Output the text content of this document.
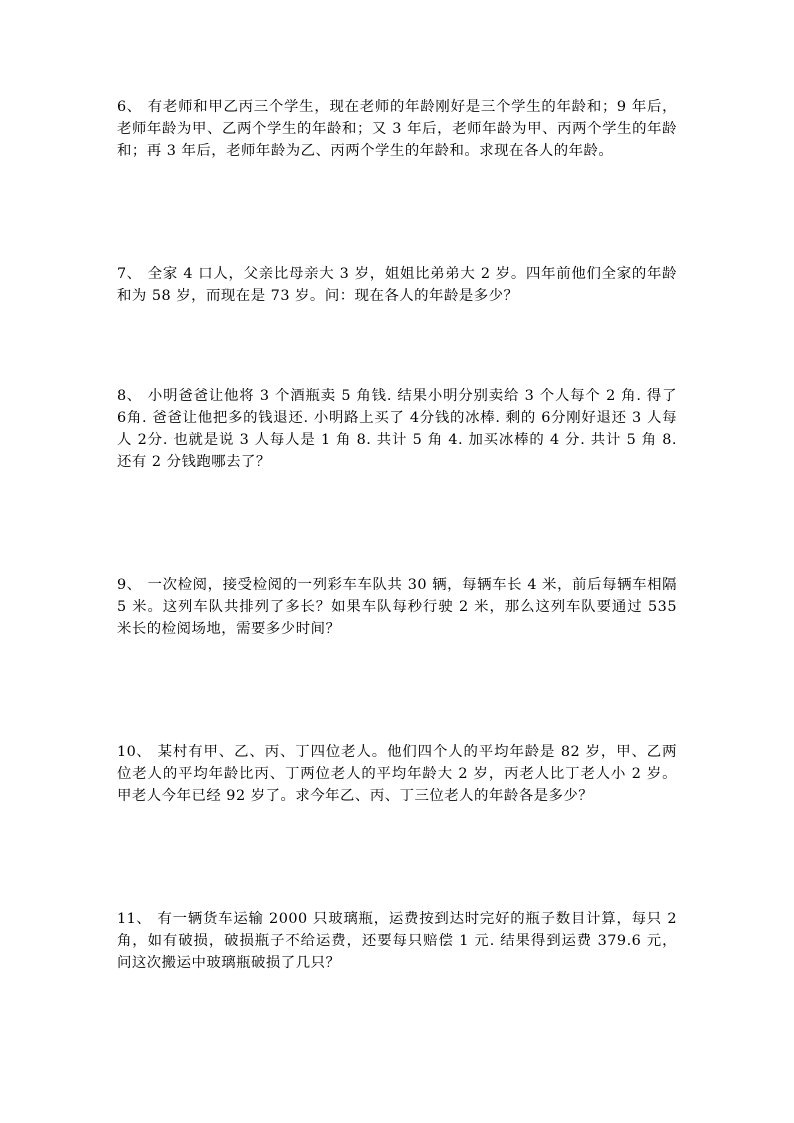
6、 有老师和甲乙丙三个学生，现在老师的年龄刚好是三个学生的年龄和；9 年后，老师年龄为甲、乙两个学生的年龄和；又 3 年后，老师年龄为甲、丙两个学生的年龄和；再 3 年后，老师年龄为乙、丙两个学生的年龄和。求现在各人的年龄。

7、 全家 4 口人，父亲比母亲大 3 岁，姐姐比弟弟大 2 岁。四年前他们全家的年龄和为 58 岁，而现在是 73 岁。问：现在各人的年龄是多少？

8、 小明爸爸让他将 3 个酒瓶卖 5 角钱. 结果小明分别卖给 3 个人每个 2 角. 得了 6角. 爸爸让他把多的钱退还. 小明路上买了 4分钱的冰棒. 剩的 6分刚好退还 3 人每人 2分. 也就是说 3 人每人是 1 角 8. 共计 5 角 4. 加买冰棒的 4 分. 共计 5 角 8. 还有 2 分钱跑哪去了？

9、 一次检阅，接受检阅的一列彩车车队共 30 辆，每辆车长 4 米，前后每辆车相隔 5 米。这列车队共排列了多长？如果车队每秒行驶 2 米，那么这列车队要通过 535 米长的检阅场地，需要多少时间？

10、 某村有甲、乙、丙、丁四位老人。他们四个人的平均年龄是 82 岁，甲、乙两位老人的平均年龄比丙、丁两位老人的平均年龄大 2 岁，丙老人比丁老人小 2 岁。甲老人今年已经 92 岁了。求今年乙、丙、丁三位老人的年龄各是多少？

11、 有一辆货车运输 2000 只玻璃瓶，运费按到达时完好的瓶子数目计算，每只 2 角，如有破损，破损瓶子不给运费，还要每只赔偿 1 元. 结果得到运费 379.6 元，问这次搬运中玻璃瓶破损了几只？
